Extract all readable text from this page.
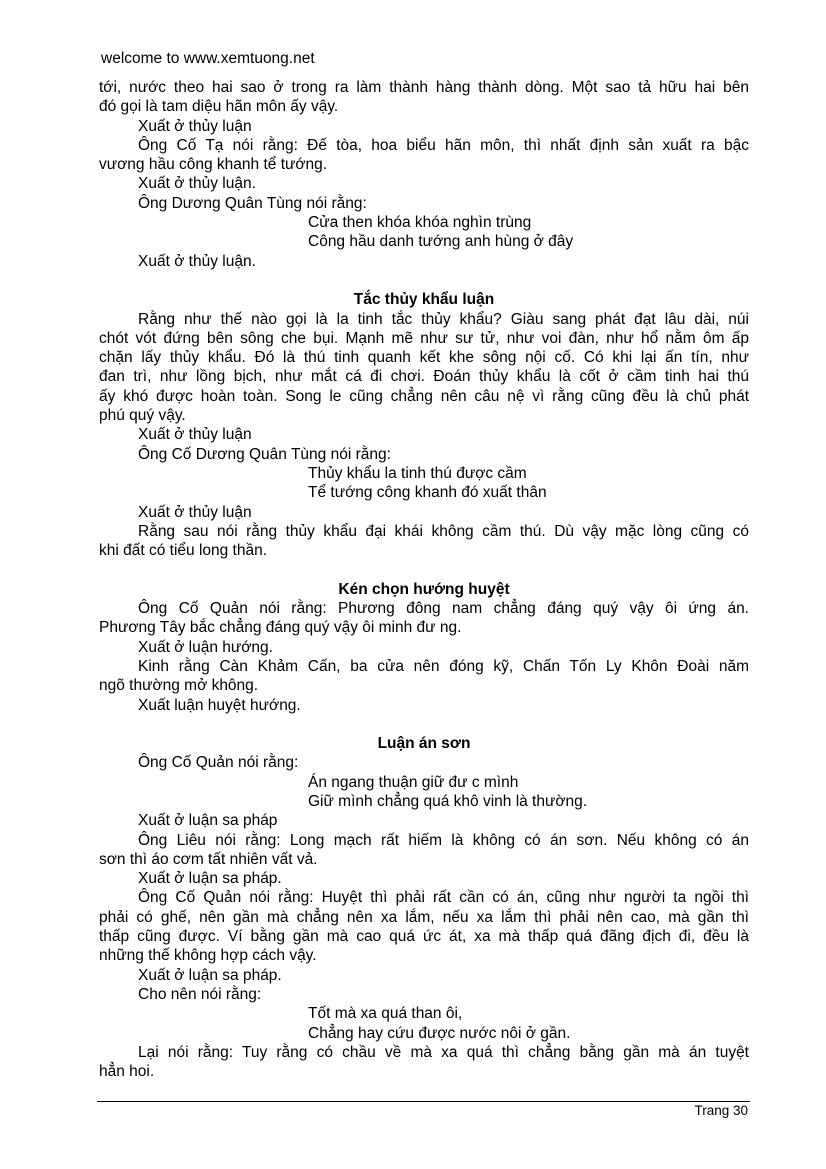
welcome to www.xemtuong.net
tới, nước theo hai sao ở trong ra làm thành hàng thành dòng. Một sao tả hữu hai bên
đó gọi là tam diệu hãn môn ấy vậy.
Xuất ở thủy luận
Ông Cố Tạ nói rằng: Đế tòa, hoa biểu hãn môn, thì nhất định sản xuất ra bậc
vương hầu công khanh tể tướng.
Xuất ở thủy luận.
Ông Dương Quân Tùng nói rằng:
Cửa then khóa khóa nghìn trùng
Công hầu danh tướng anh hùng ở đây
Xuất ở thủy luận.
Tắc thủy khẩu luận
Rằng như thế nào gọi là la tinh tắc thủy khẩu? Giàu sang phát đạt lâu dài, núi
chót vót đứng bên sông che bụi. Mạnh mẽ như sư tử, như voi đàn, như hổ nằm ôm ấp
chặn lấy thủy khẩu. Đó là thú tinh quanh kết khe sông nội cố. Có khi lại ấn tín, như
đan trì, như lồng bịch, như mắt cá đi chơi. Đoán thủy khẩu là cốt ở cầm tinh hai thú
ấy khó được hoàn toàn. Song le cũng chẳng nên câu nệ vì rằng cũng đều là chủ phát
phú quý vậy.
Xuất ở thủy luận
Ông Cố Dương Quân Tùng nói rằng:
Thủy khẩu la tinh thú được cầm
Tể tướng công khanh đó xuất thân
Xuất ở thủy luận
Rằng sau nói rằng thủy khẩu đại khái không cầm thú. Dù vậy mặc lòng cũng có
khi đất có tiểu long thần.
Kén chọn hướng huyệt
Ông Cố Quản nói rằng: Phương đông nam chẳng đáng quý vậy ôi ứng án.
Phương Tây bắc chẳng đáng quý vậy ôi minh đư ng.
Xuất ở luận hướng.
Kinh rằng Càn Khảm Cấn, ba cửa nên đóng kỹ, Chấn Tốn Ly Khôn Đoài năm
ngõ thường mở không.
Xuất luận huyệt hướng.
Luận án sơn
Ông Cố Quản nói rằng:
Án ngang thuận giữ đư c mình
Giữ mình chẳng quá khô vinh là thường.
Xuất ở luận sa pháp
Ông Liêu nói rằng: Long mạch rất hiếm là không có án sơn. Nếu không có án
sơn thì áo cơm tất nhiên vất vả.
Xuất ở luận sa pháp.
Ông Cố Quản nói rằng: Huyệt thì phải rất cần có án, cũng như người ta ngồi thì
phải có ghế, nên gần mà chẳng nên xa lắm, nếu xa lắm thì phải nên cao, mà gần thì
thấp cũng được. Ví bằng gần mà cao quá ức át, xa mà thấp quá đãng địch đi, đều là
những thế không hợp cách vậy.
Xuất ở luận sa pháp.
Cho nên nói rằng:
Tốt mà xa quá than ôi,
Chẳng hay cứu được nước nôi ở gần.
Lại nói rằng: Tuy rằng có chầu về mà xa quá thì chẳng bằng gần mà án tuyệt
hẳn hoi.
Trang 30
